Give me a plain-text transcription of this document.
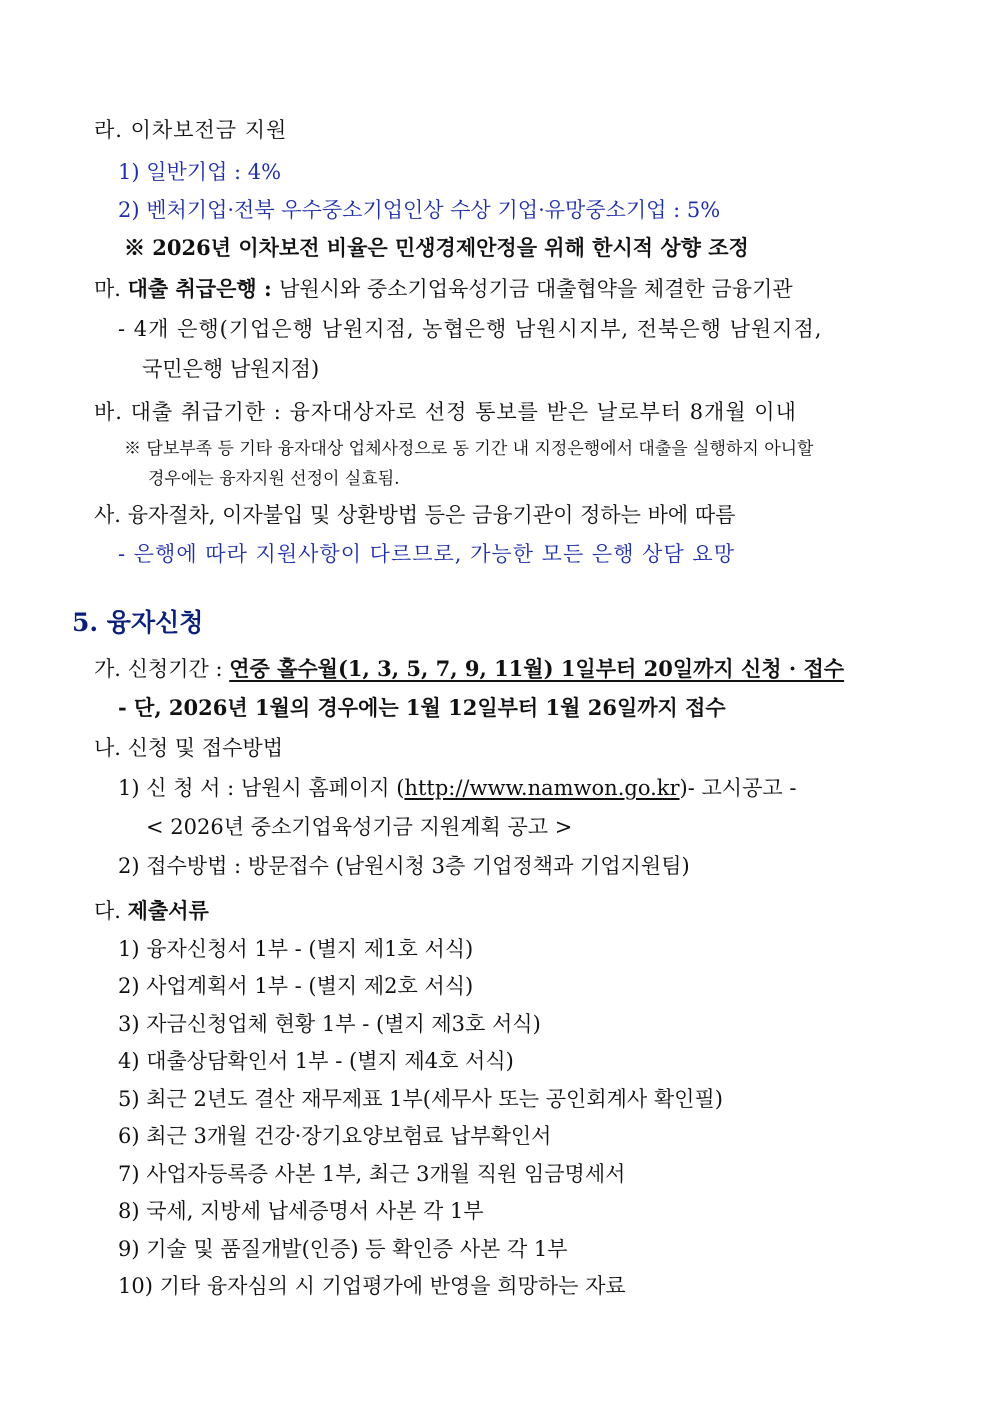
라. 이차보전금 지원
1) 일반기업 : 4%
2) 벤처기업·전북 우수중소기업인상 수상 기업·유망중소기업 : 5%
※ 2026년 이차보전 비율은 민생경제안정을 위해 한시적 상향 조정
마. 대출 취급은행 : 남원시와 중소기업육성기금 대출협약을 체결한 금융기관
- 4개 은행(기업은행 남원지점, 농협은행 남원시지부, 전북은행 남원지점,
국민은행 남원지점)
바. 대출 취급기한 : 융자대상자로 선정 통보를 받은 날로부터 8개월 이내
※ 담보부족 등 기타 융자대상 업체사정으로 동 기간 내 지정은행에서 대출을 실행하지 아니할
경우에는 융자지원 선정이 실효됨.
사. 융자절차, 이자불입 및 상환방법 등은 금융기관이 정하는 바에 따름
- 은행에 따라 지원사항이 다르므로, 가능한 모든 은행 상담 요망
5. 융자신청
가. 신청기간 : 연중 홀수월(1, 3, 5, 7, 9, 11월) 1일부터 20일까지 신청 · 접수
- 단, 2026년 1월의 경우에는 1월 12일부터 1월 26일까지 접수
나. 신청 및 접수방법
1) 신 청 서 : 남원시 홈페이지 (http://www.namwon.go.kr)- 고시공고 -
< 2026년 중소기업육성기금 지원계획 공고 >
2) 접수방법 : 방문접수 (남원시청 3층 기업정책과 기업지원팀)
다. 제출서류
1) 융자신청서 1부 - (별지 제1호 서식)
2) 사업계획서 1부 - (별지 제2호 서식)
3) 자금신청업체 현황 1부 - (별지 제3호 서식)
4) 대출상담확인서 1부 - (별지 제4호 서식)
5) 최근 2년도 결산 재무제표 1부(세무사 또는 공인회계사 확인필)
6) 최근 3개월 건강·장기요양보험료 납부확인서
7) 사업자등록증 사본 1부, 최근 3개월 직원 임금명세서
8) 국세, 지방세 납세증명서 사본 각 1부
9) 기술 및 품질개발(인증) 등 확인증 사본 각 1부
10) 기타 융자심의 시 기업평가에 반영을 희망하는 자료
